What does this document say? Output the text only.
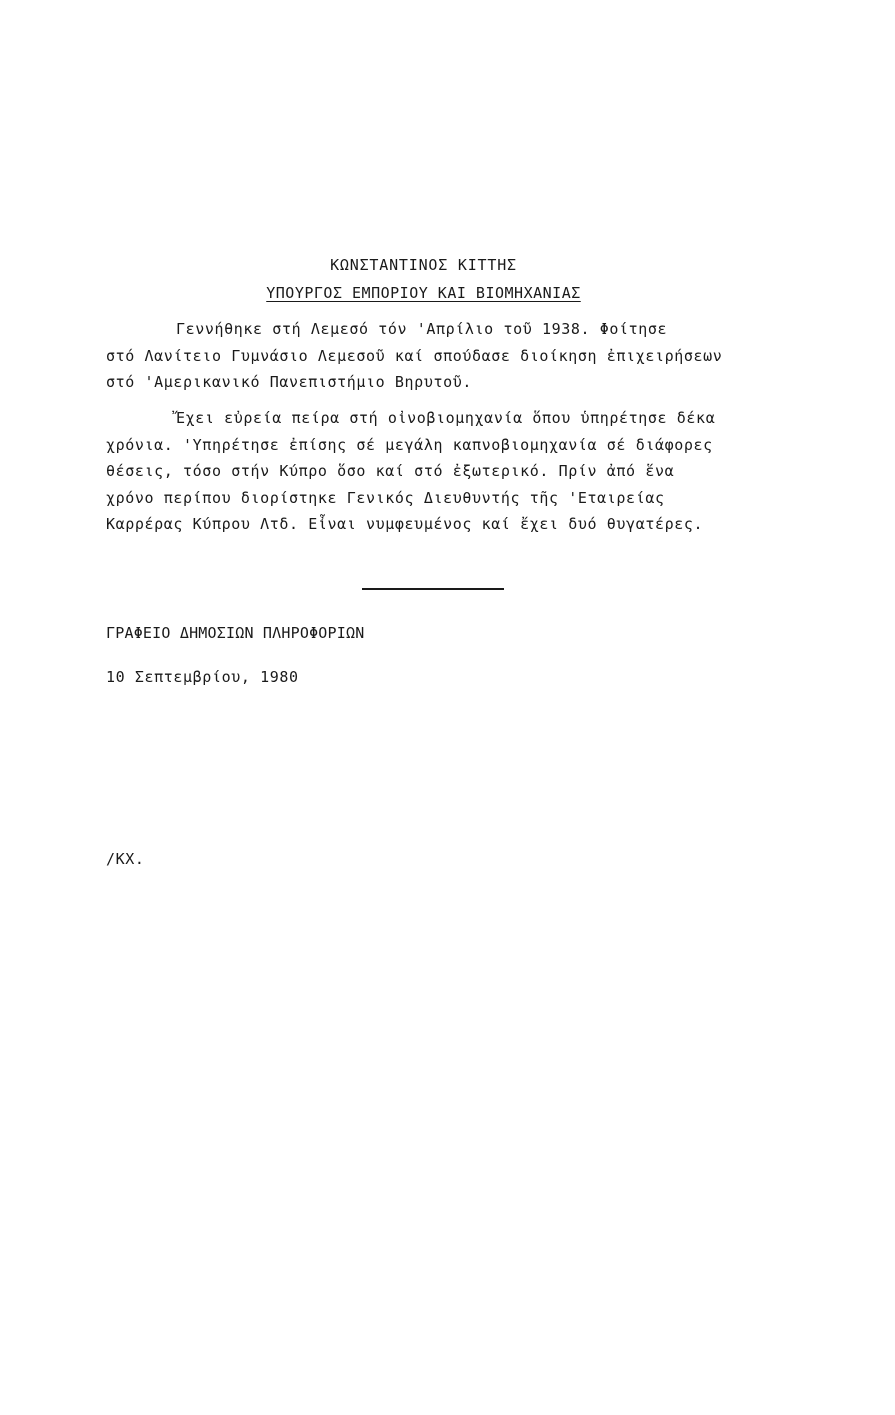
ΚΩΝΣΤΑΝΤΙΝΟΣ ΚΙΤΤΗΣ
ΥΠΟΥΡΓΟΣ ΕΜΠΟΡΙΟΥ ΚΑΙ ΒΙΟΜΗΧΑΝΙΑΣ

Γεννήθηκε στή Λεμεσό τόν 'Απρίλιο τοῦ 1938. Φοίτησε
στό Λανίτειο Γυμνάσιο Λεμεσοῦ καί σπούδασε διοίκηση ἐπιχειρήσεων
στό 'Αμερικανικό Πανεπιστήμιο Βηρυτοῦ.

Ἔχει εὐρεία πείρα στή οἰνοβιομηχανία ὅπου ὑπηρέτησε δέκα
χρόνια. 'Υπηρέτησε ἐπίσης σέ μεγάλη καπνοβιομηχανία σέ διάφορες
θέσεις, τόσο στήν Κύπρο ὅσο καί στό ἐξωτερικό. Πρίν ἀπό ἕνα
χρόνο περίπου διορίστηκε Γενικός Διευθυντής τῆς 'Εταιρείας
Καρρέρας Κύπρου Λτδ. Εἶναι νυμφευμένος καί ἔχει δυό θυγατέρες.

ΓΡΑΦΕΙΟ ΔΗΜΟΣΙΩΝ ΠΛΗΡΟΦΟΡΙΩΝ
10 Σεπτεμβρίου, 1980
/ΚΧ.
